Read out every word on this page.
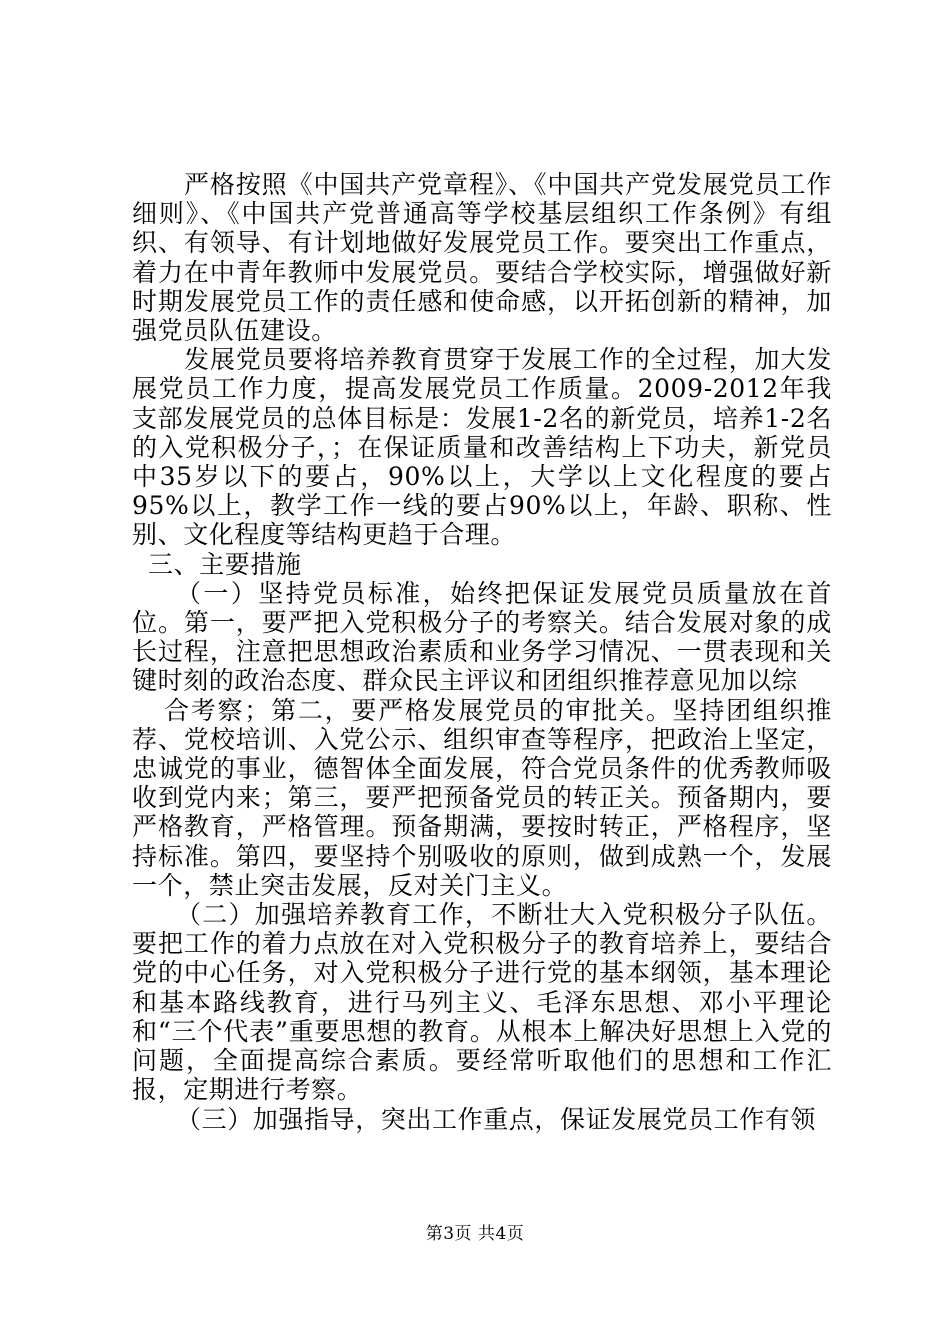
严格按照《中国共产党章程》、《中国共产党发展党员工作细则》、《中国共产党普通高等学校基层组织工作条例》有组织、有领导、有计划地做好发展党员工作。要突出工作重点，着力在中青年教师中发展党员。要结合学校实际，增强做好新时期发展党员工作的责任感和使命感，以开拓创新的精神，加强党员队伍建设。

发展党员要将培养教育贯穿于发展工作的全过程，加大发展党员工作力度，提高发展党员工作质量。2009-2012年我支部发展党员的总体目标是：发展1-2名的新党员，培养1-2名的入党积极分子，；在保证质量和改善结构上下功夫，新党员中35岁以下的要占，90%以上，大学以上文化程度的要占95%以上，教学工作一线的要占90%以上，年龄、职称、性别、文化程度等结构更趋于合理。

三、主要措施

（一）坚持党员标准，始终把保证发展党员质量放在首位。第一，要严把入党积极分子的考察关。结合发展对象的成长过程，注意把思想政治素质和业务学习情况、一贯表现和关键时刻的政治态度、群众民主评议和团组织推荐意见加以综

合考察；第二，要严格发展党员的审批关。坚持团组织推荐、党校培训、入党公示、组织审查等程序，把政治上坚定，忠诚党的事业，德智体全面发展，符合党员条件的优秀教师吸收到党内来；第三，要严把预备党员的转正关。预备期内，要严格教育，严格管理。预备期满，要按时转正，严格程序，坚持标准。第四，要坚持个别吸收的原则，做到成熟一个，发展一个，禁止突击发展，反对关门主义。

（二）加强培养教育工作，不断壮大入党积极分子队伍。要把工作的着力点放在对入党积极分子的教育培养上，要结合党的中心任务，对入党积极分子进行党的基本纲领，基本理论和基本路线教育，进行马列主义、毛泽东思想、邓小平理论和“三个代表”重要思想的教育。从根本上解决好思想上入党的问题，全面提高综合素质。要经常听取他们的思想和工作汇报，定期进行考察。

（三）加强指导，突出工作重点，保证发展党员工作有领

第3页 共4页
